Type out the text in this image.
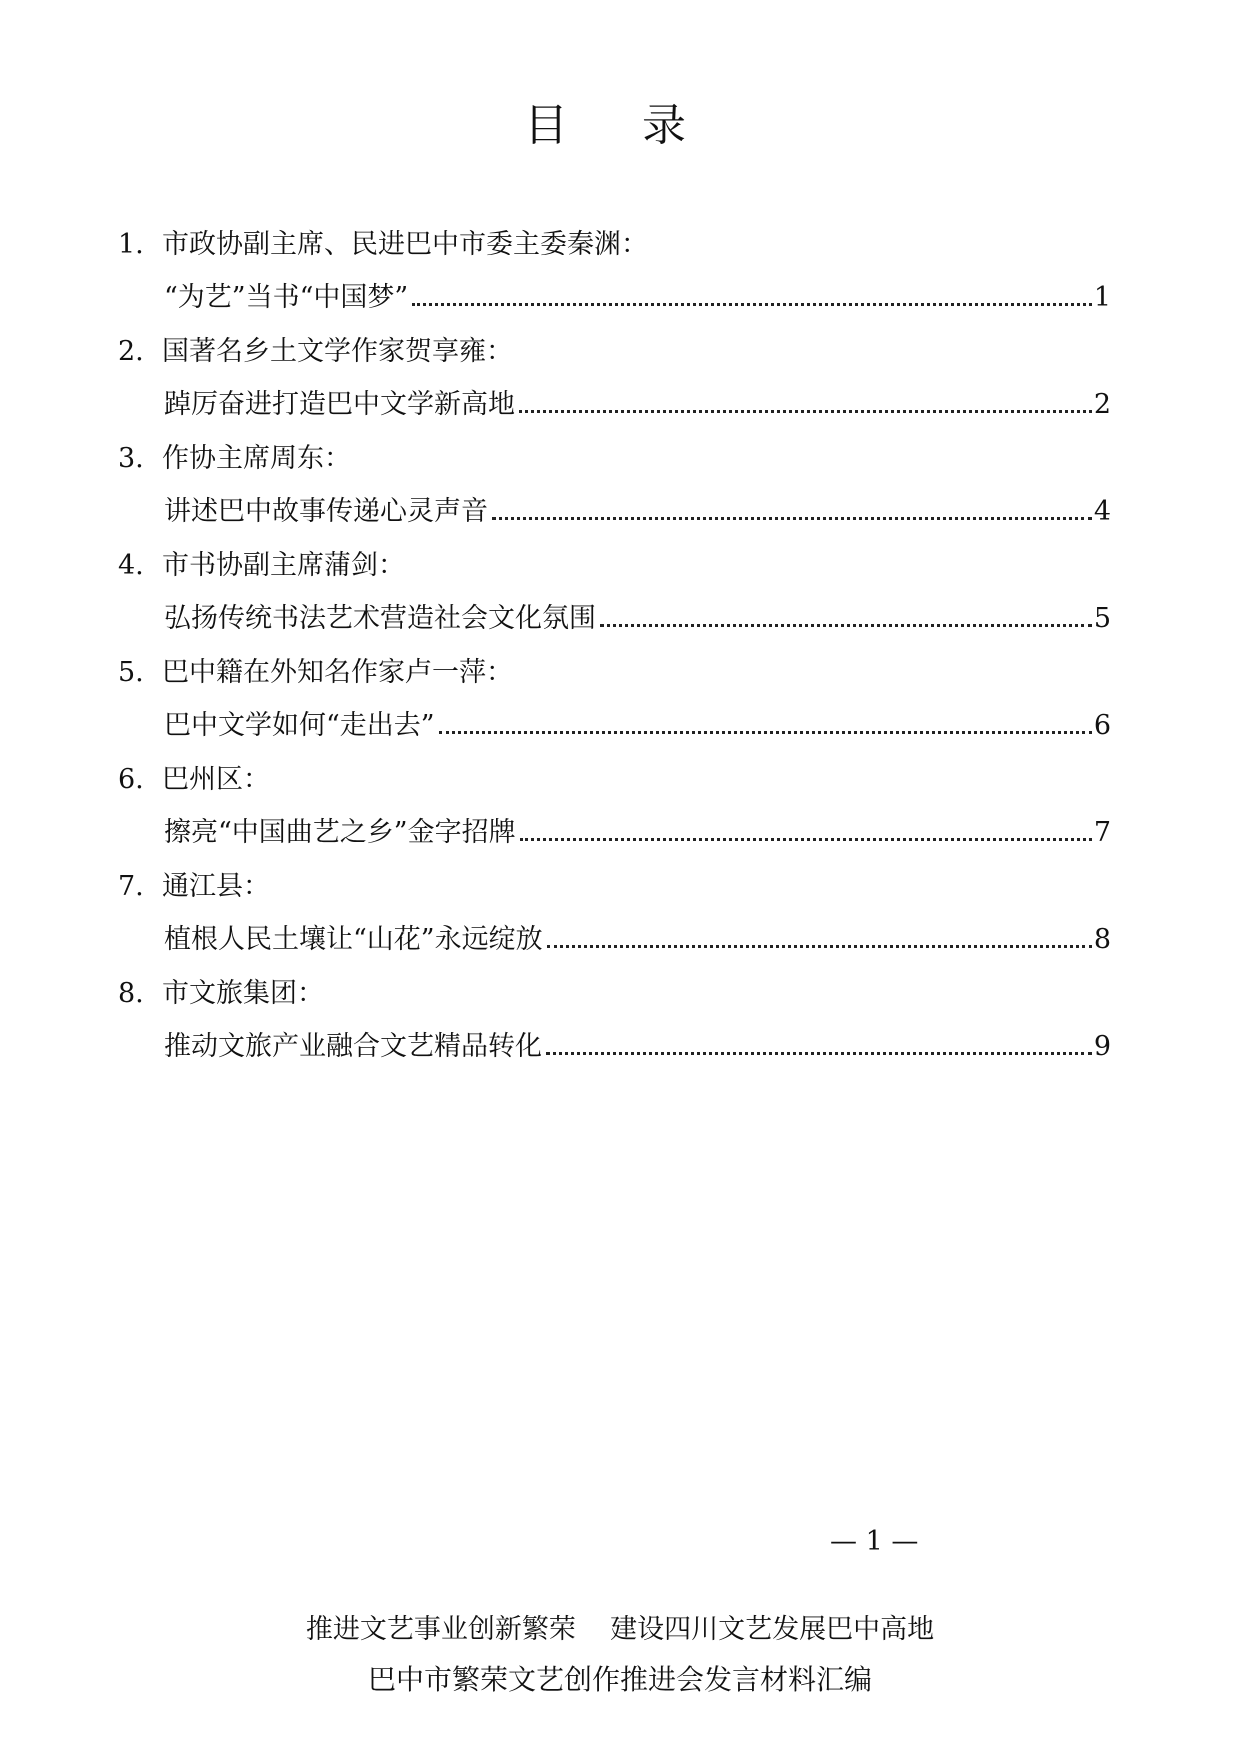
目 录
1. 市政协副主席、民进巴中市委主委秦渊：
“为艺”当书“中国梦”	1
2. 国著名乡土文学作家贺享雍：
踔厉奋进打造巴中文学新高地	2
3. 作协主席周东：
讲述巴中故事传递心灵声音	4
4. 市书协副主席蒲剑：
弘扬传统书法艺术营造社会文化氛围	5
5. 巴中籍在外知名作家卢一萍：
巴中文学如何“走出去”	6
6. 巴州区：
擦亮“中国曲艺之乡”金字招牌	7
7. 通江县：
植根人民土壤让“山花”永远绽放	8
8. 市文旅集团：
推动文旅产业融合文艺精品转化	9
— 1 —
推进文艺事业创新繁荣    建设四川文艺发展巴中高地
巴中市繁荣文艺创作推进会发言材料汇编
